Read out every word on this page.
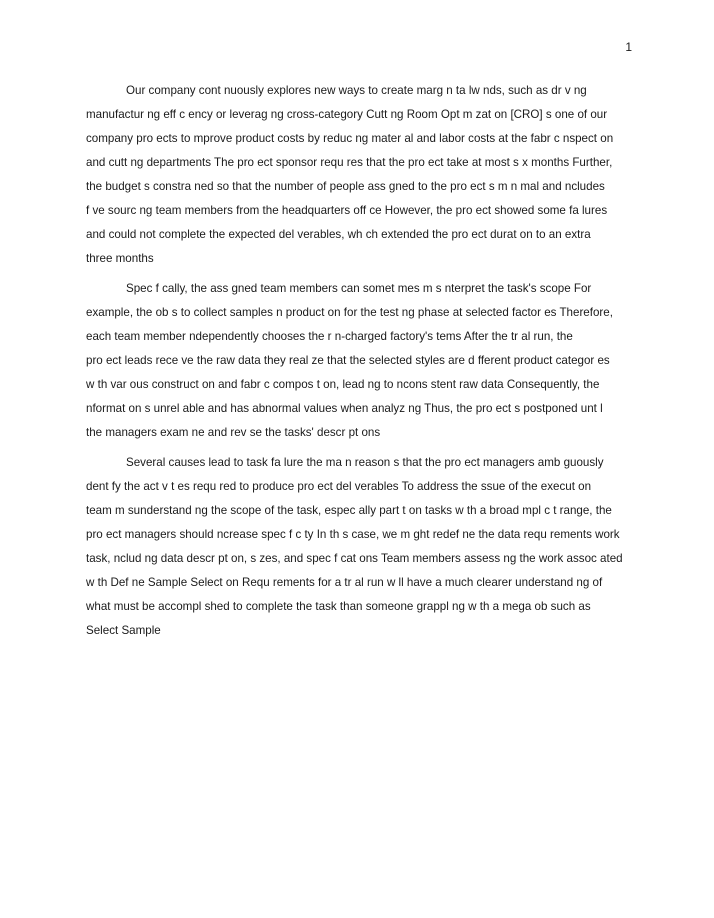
1

Our company cont nuously explores new ways to create marg n ta lw nds, such as dr v ng
manufactur ng eff c ency or leverag ng cross-category Cutt ng Room Opt m zat on [CRO] s one of our
company pro ects to mprove product costs by reduc ng mater al and labor costs at the fabr c nspect on
and cutt ng departments The pro ect sponsor requ res that the pro ect take at most s x months Further,
the budget s constra ned so that the number of people ass gned to the pro ect s m n mal and ncludes
f ve sourc ng team members from the headquarters off ce However, the pro ect showed some fa lures
and could not complete the expected del verables, wh ch extended the pro ect durat on to an extra
three months

Spec f cally, the ass gned team members can somet mes m s nterpret the task's scope For
example, the ob s to collect samples n product on for the test ng phase at selected factor es Therefore,
each team member ndependently chooses the r n-charged factory's tems After the tr al run, the
pro ect leads rece ve the raw data they real ze that the selected styles are d fferent product categor es
w th var ous construct on and fabr c compos t on, lead ng to ncons stent raw data Consequently, the
nformat on s unrel able and has abnormal values when analyz ng Thus, the pro ect s postponed unt l
the managers exam ne and rev se the tasks' descr pt ons

Several causes lead to task fa lure the ma n reason s that the pro ect managers amb guously
dent fy the act v t es requ red to produce pro ect del verables To address the ssue of the execut on
team m sunderstand ng the scope of the task, espec ally part t on tasks w th a broad mpl c t range, the
pro ect managers should ncrease spec f c ty In th s case, we m ght redef ne the data requ rements work
task, nclud ng data descr pt on, s zes, and spec f cat ons Team members assess ng the work assoc ated
w th Def ne Sample Select on Requ rements for a tr al run w ll have a much clearer understand ng of
what must be accompl shed to complete the task than someone grappl ng w th a mega ob such as
Select Sample
